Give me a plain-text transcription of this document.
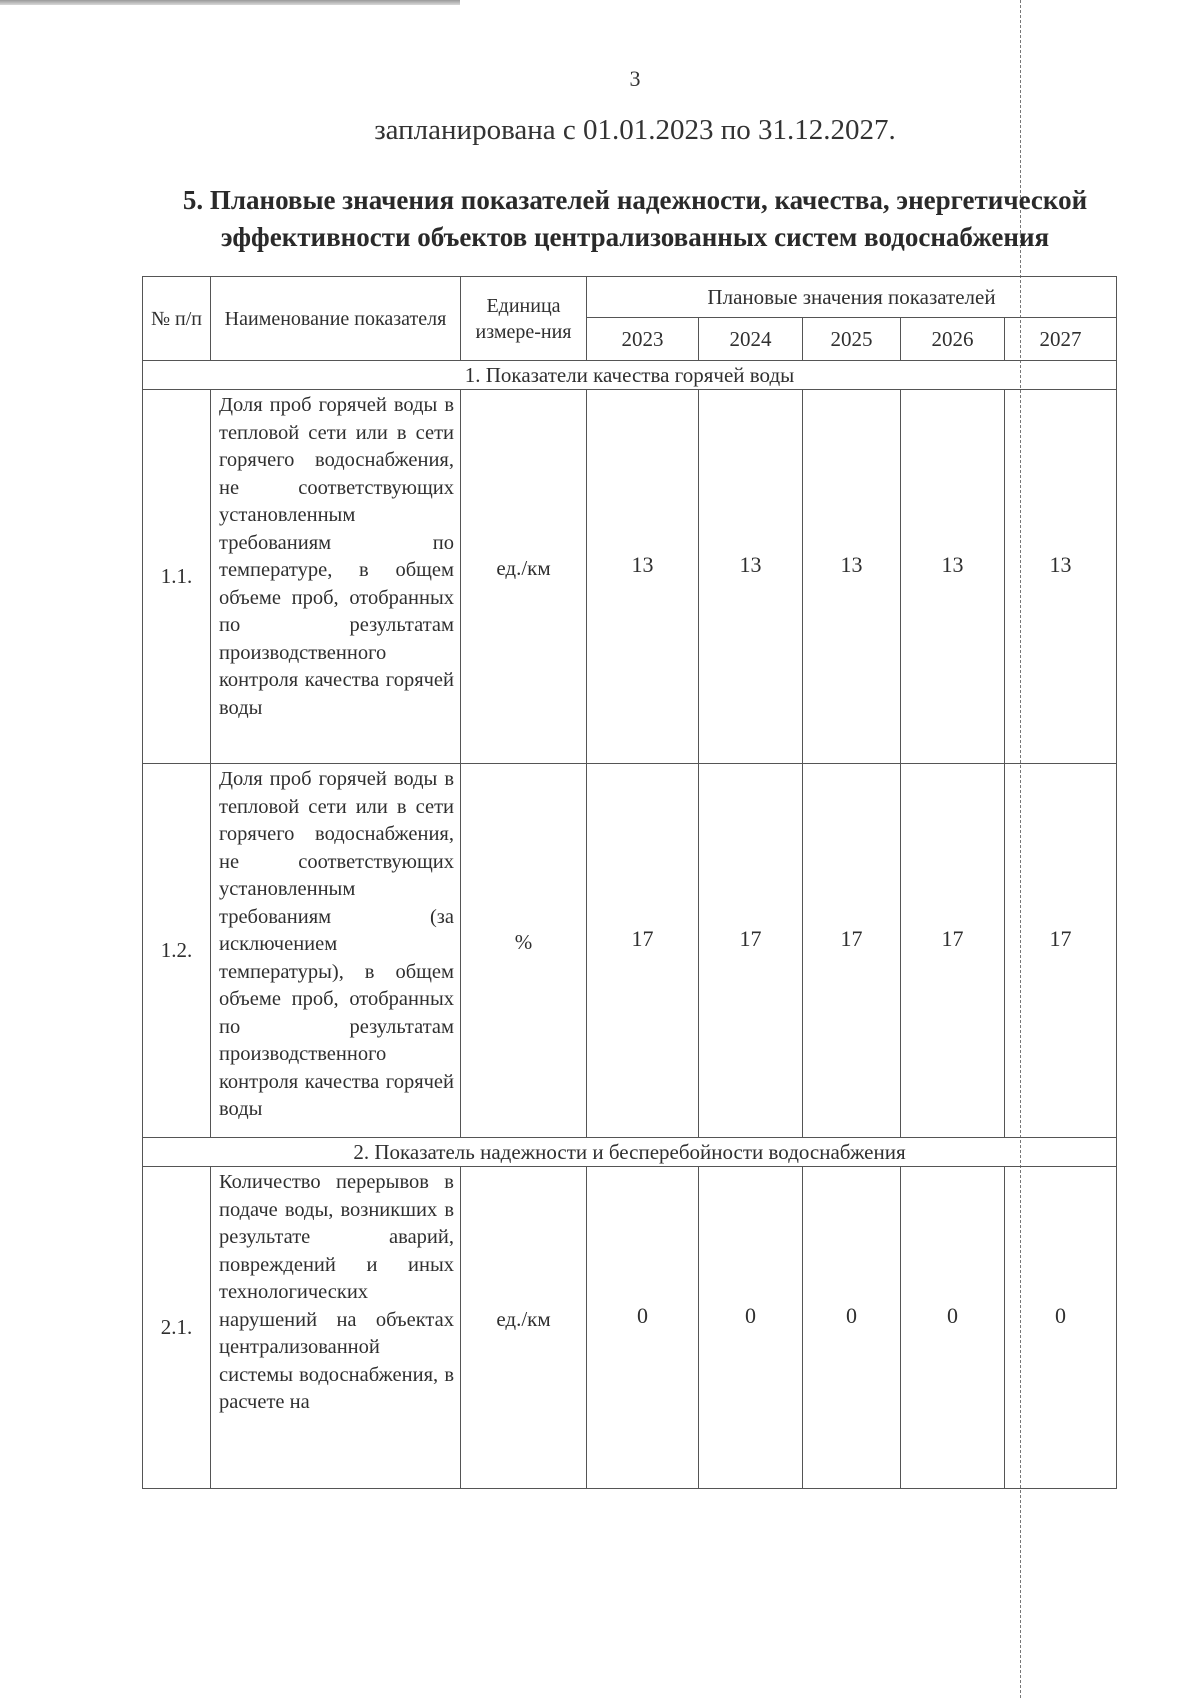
3
запланирована с 01.01.2023 по 31.12.2027.
5. Плановые значения показателей надежности, качества, энергетической
эффективности объектов централизованных систем водоснабжения
№ п/п	Наименование показателя	Единица измере-ния	Плановые значения показателей				
			2023	2024	2025	2026	2027
1. Показатели качества горячей воды							
1.1.	Доля проб горячей воды в тепловой сети или в сети горячего водоснабжения, не соответствующих установленным требованиям по температуре, в общем объеме проб, отобранных по результатам производственного контроля качества горячей воды	ед./км	13	13	13	13	13
1.2.	Доля проб горячей воды в тепловой сети или в сети горячего водоснабжения, не соответствующих установленным требованиям (за исключением температуры), в общем объеме проб, отобранных по результатам производственного контроля качества горячей воды	%	17	17	17	17	17
2. Показатель надежности и бесперебойности водоснабжения							
2.1.	Количество перерывов в подаче воды, возникших в результате аварий, повреждений и иных технологических нарушений на объектах централизованной системы водоснабжения, в расчете на	ед./км	0	0	0	0	0
